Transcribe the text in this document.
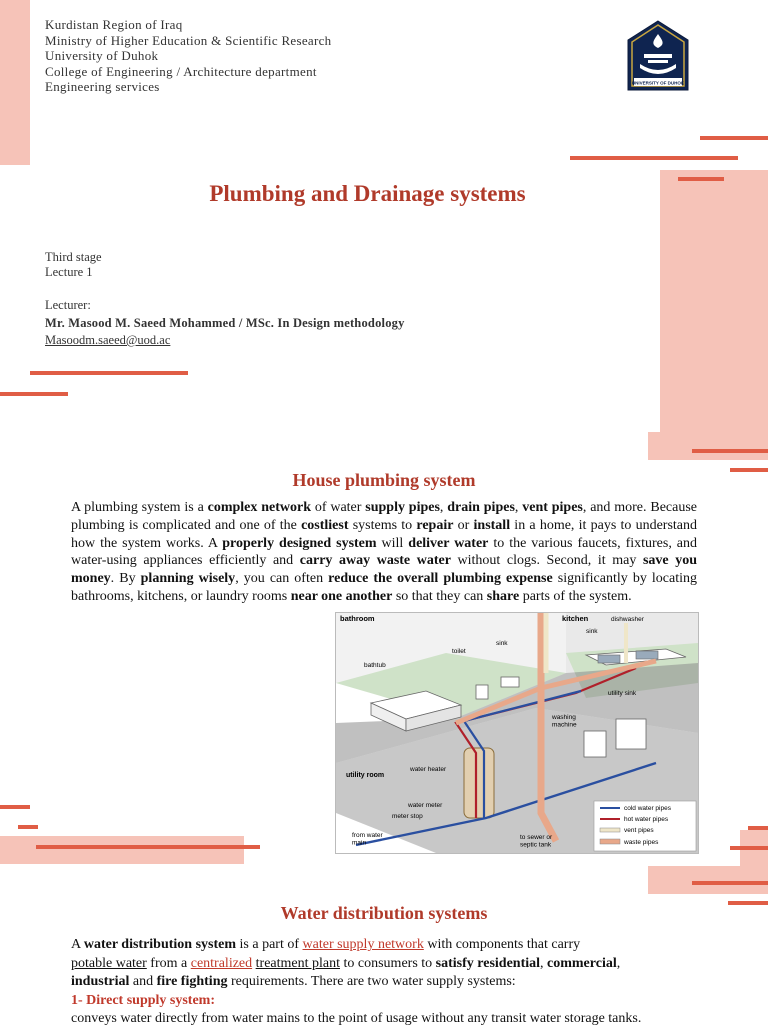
Kurdistan Region of Iraq
Ministry of Higher Education & Scientific Research
University of Duhok
College of Engineering / Architecture department
Engineering services	UNIVERSITY OF DUHOK
Plumbing and Drainage systems
Third stage
Lecture 1
Lecturer:
Mr. Masood M. Saeed Mohammed / MSc. In Design methodology
Masoodm.saeed@uod.ac
House plumbing system
A plumbing system is a complex network of water supply pipes, drain pipes, vent pipes, and more. Because plumbing is complicated and one of the costliest systems to repair or install in a home, it pays to understand how the system works. A properly designed system will deliver water to the various faucets, fixtures, and water-using appliances efficiently and carry away waste water without clogs. Second, it may save you money. By planning wisely, you can often reduce the overall plumbing expense significantly by locating bathrooms, kitchens, or laundry rooms near one another so that they can share parts of the system.
bathroom	kitchen	dishwasher
sink
sink
toilet
bathtub
utility sink
washing machine
water heater
utility room
water meter
meter stop
from water main
to sewer or septic tank
cold water pipes
hot water pipes
vent pipes
waste pipes
Water distribution systems
A water distribution system is a part of water supply network with components that carry
potable water from a centralized treatment plant to consumers to satisfy residential, commercial,
industrial and fire fighting requirements. There are two water supply systems:
1- Direct supply system:
conveys water directly from water mains to the point of usage without any transit water storage tanks.
